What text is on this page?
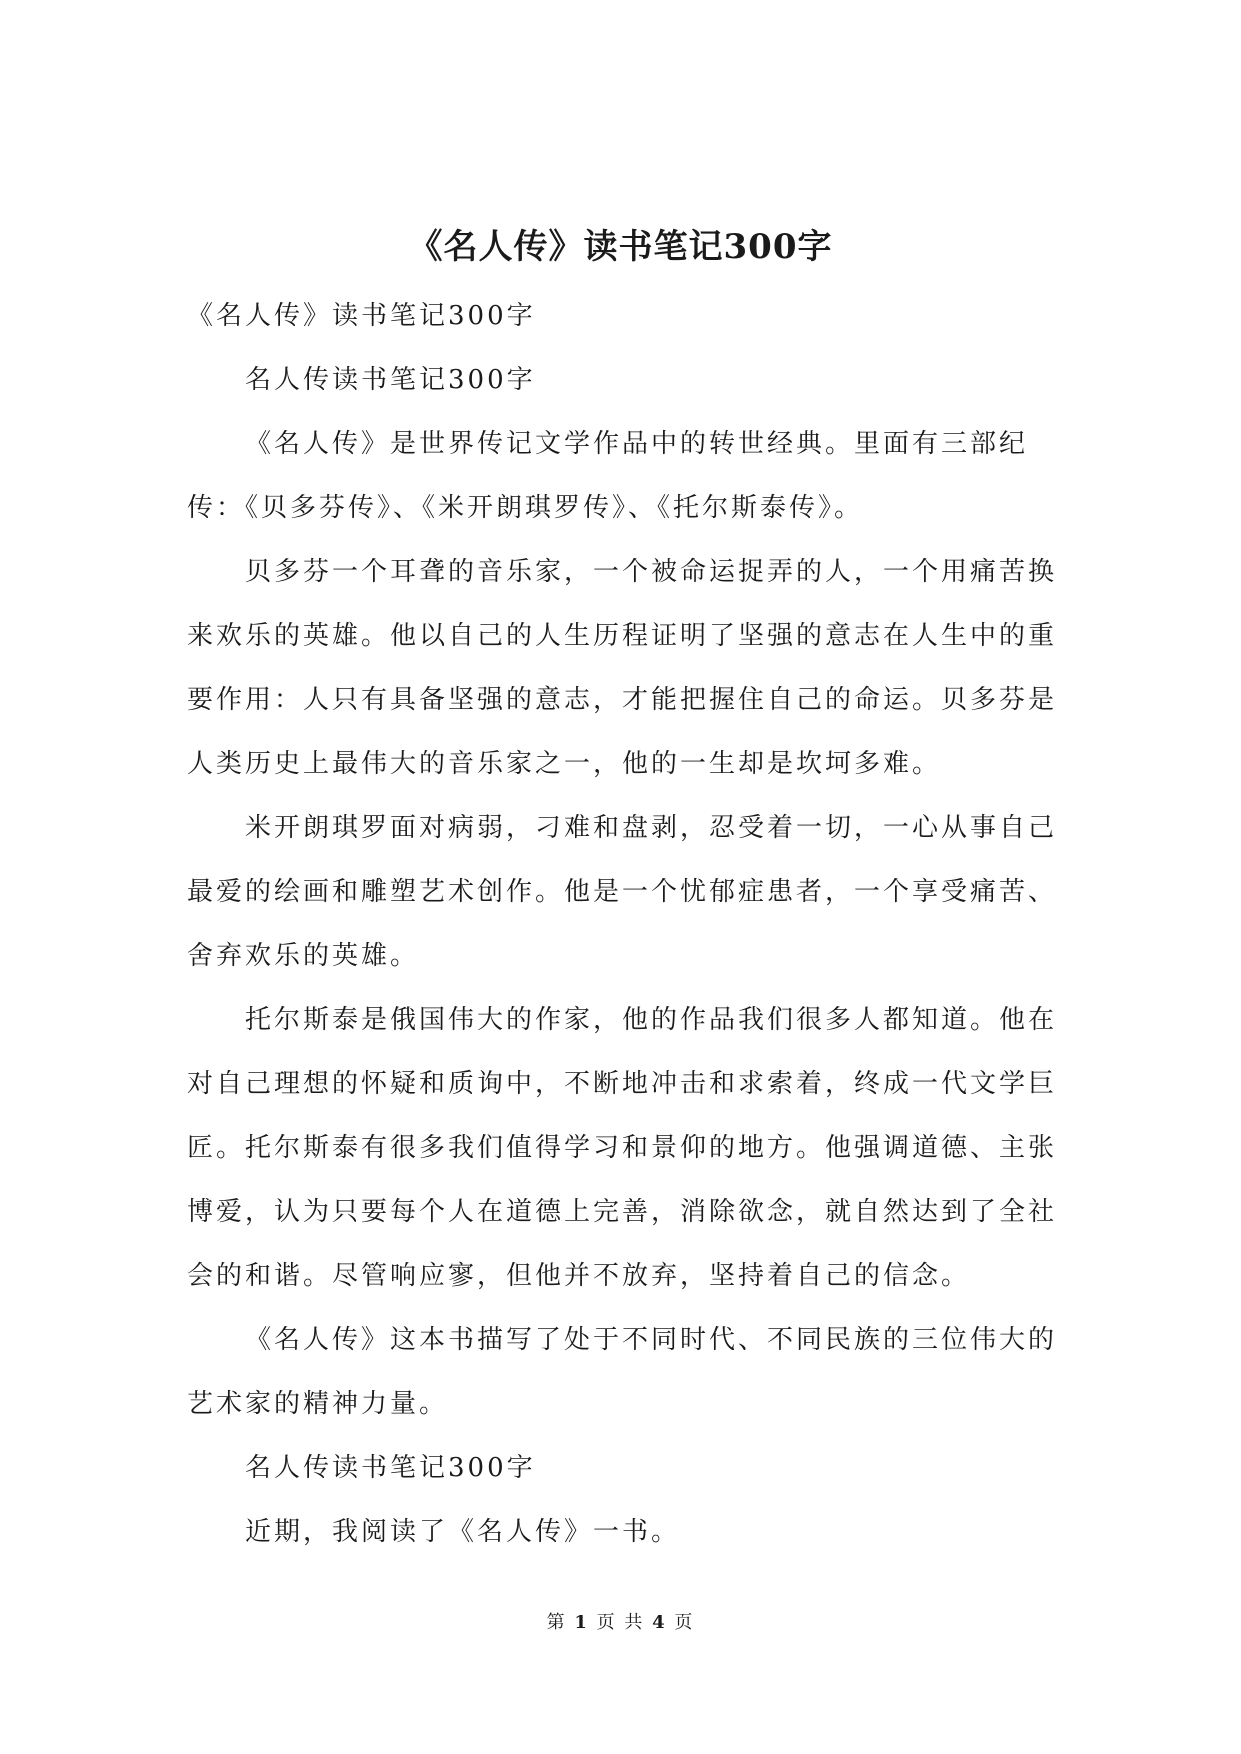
《名人传》读书笔记300字

《名人传》读书笔记300字

名人传读书笔记300字

《名人传》是世界传记文学作品中的转世经典。里面有三部纪传：《贝多芬传》、《米开朗琪罗传》、《托尔斯泰传》。

贝多芬一个耳聋的音乐家，一个被命运捉弄的人，一个用痛苦换来欢乐的英雄。他以自己的人生历程证明了坚强的意志在人生中的重要作用：人只有具备坚强的意志，才能把握住自己的命运。贝多芬是人类历史上最伟大的音乐家之一，他的一生却是坎坷多难。

米开朗琪罗面对病弱，刁难和盘剥，忍受着一切，一心从事自己最爱的绘画和雕塑艺术创作。他是一个忧郁症患者，一个享受痛苦、舍弃欢乐的英雄。

托尔斯泰是俄国伟大的作家，他的作品我们很多人都知道。他在对自己理想的怀疑和质询中，不断地冲击和求索着，终成一代文学巨匠。托尔斯泰有很多我们值得学习和景仰的地方。他强调道德、主张博爱，认为只要每个人在道德上完善，消除欲念，就自然达到了全社会的和谐。尽管响应寥，但他并不放弃，坚持着自己的信念。

《名人传》这本书描写了处于不同时代、不同民族的三位伟大的艺术家的精神力量。

名人传读书笔记300字

近期，我阅读了《名人传》一书。

第 1 页 共 4 页
